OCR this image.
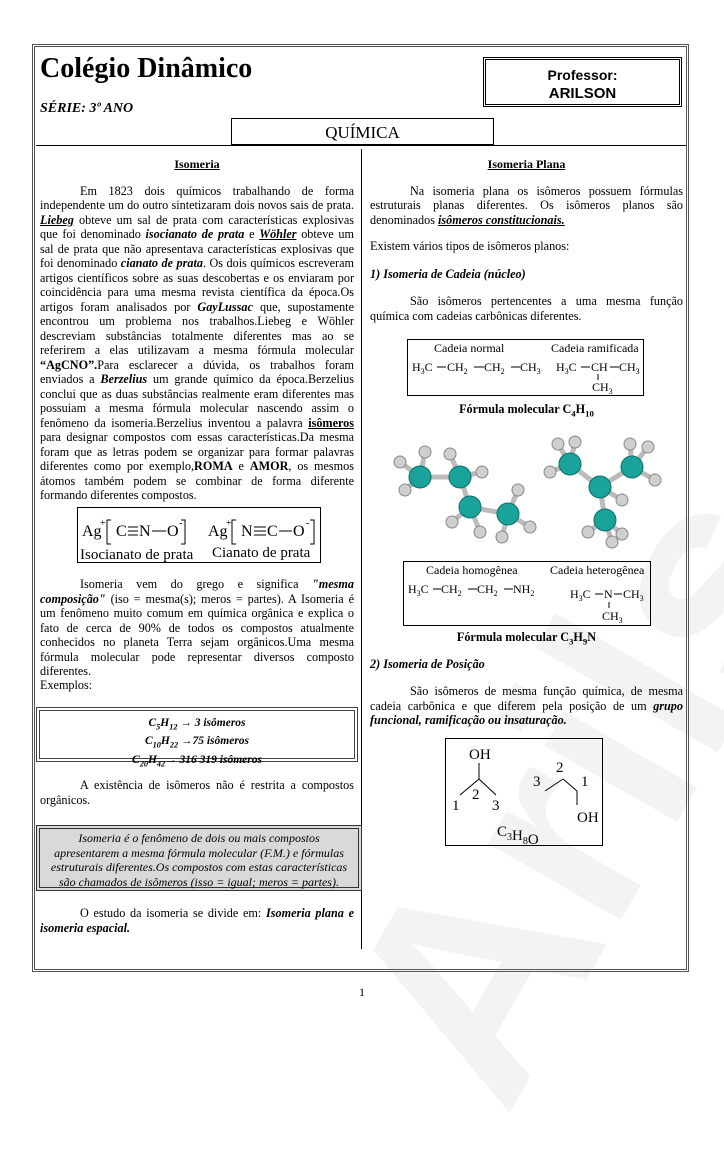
Colégio Dinâmico
SÉRIE: 3º ANO
Professor:
ARILSON
QUÍMICA
Isomeria
Em 1823 dois químicos trabalhando de forma independente um do outro sintetizaram dois novos sais de prata. Liebeg obteve um sal de prata com características explosivas que foi denominado isocianato de prata e Wöhler obteve um sal de prata que não apresentava características explosivas que foi denominado cianato de prata. Os dois químicos escreveram artigos científicos sobre as suas descobertas e os enviaram por coincidência para uma mesma revista científica da época.Os artigos foram analisados por GayLussac que, supostamente encontrou um problema nos trabalhos.Liebeg e Wöhler descreviam substâncias totalmente diferentes mas ao se referirem a elas utilizavam a mesma fórmula molecular “AgCNO”.Para esclarecer a dúvida, os trabalhos foram enviados a Berzelius um grande químico da época.Berzelius conclui que as duas substâncias realmente eram diferentes mas possuiam a mesma fórmula molecular nascendo assim o fenômeno da isomeria.Berzelius inventou a palavra isômeros para designar compostos com essas características.Da mesma foram que as letras podem se organizar para formar palavras diferentes como por exemplo,ROMA e AMOR, os mesmos átomos também podem se combinar de forma diferente formando diferentes compostos.
Ag
+ C N O - Ag
+ N C O -
Isocianato de prata Cianato de prata
Isomeria vem do grego e significa "mesma composição" (iso = mesma(s); meros = partes). A Isomeria é um fenômeno muito comum em química orgânica e explica o fato de cerca de 90% de todos os compostos atualmente conhecidos no planeta Terra sejam orgânicos.Uma mesma fórmula molecular pode representar diversos composto diferentes.
Exemplos:
$C_5H_{12} \to 3$ isômeros
$C_{10}H_{22} \to 75$ isômeros
$C_{20}H_{42}\to 316$ 319 isômeros
A existência de isômeros não é restrita a compostos orgânicos.
Isomeria é o fenômeno de dois ou mais compostos apresentarem a mesma fórmula molecular (F.M.) e fórmulas estruturais diferentes.Os compostos com estas características são chamados de isômeros (isso = igual; meros = partes).
O estudo da isomeria se divide em: Isomeria plana e isomeria espacial.
Isomeria Plana
Na isomeria plana os isômeros possuem fórmulas estruturais planas diferentes. Os isômeros planos são denominados isômeros constitucionais.
Existem vários tipos de isômeros planos:
1) Isomeria de Cadeia (núcleo)
São isômeros pertencentes a uma mesma função química com cadeias carbônicas diferentes.
Cadeia normal	Cadeia ramificada
$H_3C$ $CH_2$ $CH_2$ $CH_3$ $H_3C$ CH $CH_3$
$CH_3$
Fórmula molecular $C_4H_{10}$
Cadeia homogênea	Cadeia heterogênea
$H_3C$ $CH_2$ $CH_2$ $NH_2$	$H_3C$ N $CH_3$
$CH_3$
Fórmula molecular $C_3H_9N$
2) Isomeria de Posição
São isômeros de mesma função química, de mesma cadeia carbônica e que diferem pela posição de um grupo funcional, ramificação ou insaturação.
OH
2
1 3
2
3	1
OH
$C_3H_8O$
1
